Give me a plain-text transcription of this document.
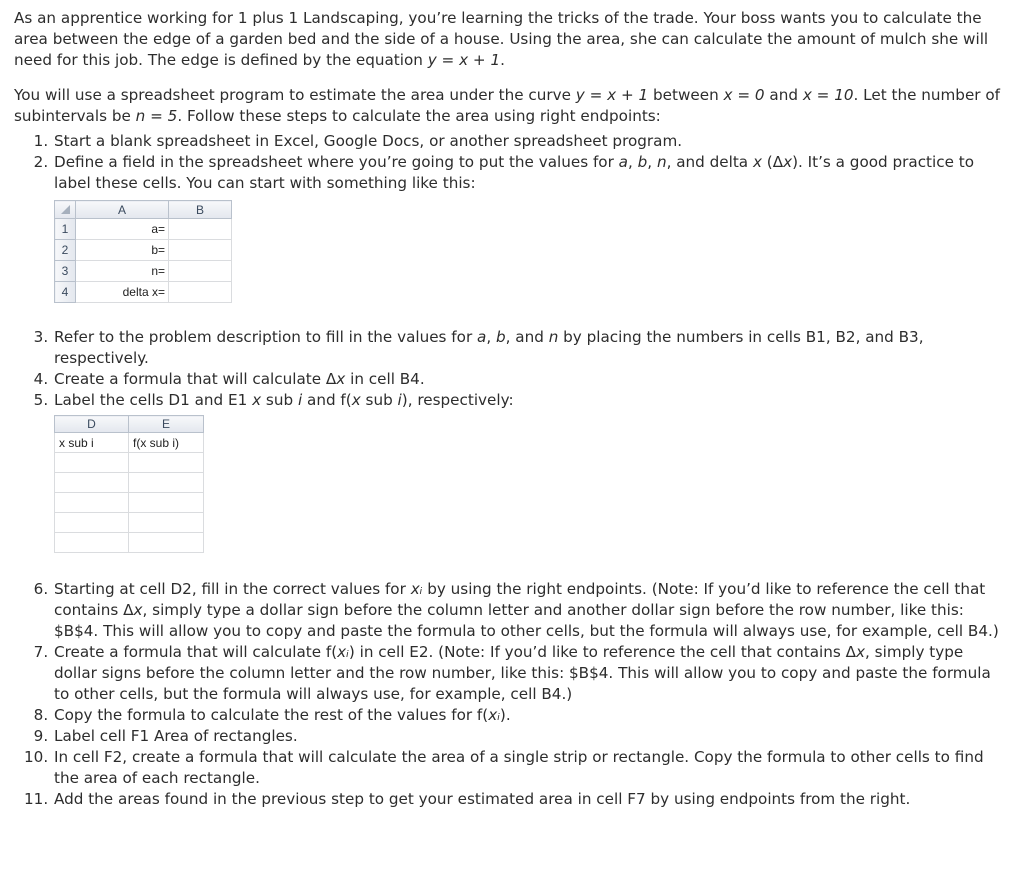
As an apprentice working for 1 plus 1 Landscaping, you’re learning the tricks of the trade. Your boss wants you to calculate the area between the edge of a garden bed and the side of a house. Using the area, she can calculate the amount of mulch she will need for this job. The edge is defined by the equation y = x + 1.

You will use a spreadsheet program to estimate the area under the curve y = x + 1 between x = 0 and x = 10. Let the number of subintervals be n = 5. Follow these steps to calculate the area using right endpoints:

1. Start a blank spreadsheet in Excel, Google Docs, or another spreadsheet program.
2. Define a field in the spreadsheet where you’re going to put the values for a, b, n, and delta x (Δx). It’s a good practice to label these cells. You can start with something like this:
	A	B
1	a=	
2	b=	
3	n=	
4	delta x=	
3. Refer to the problem description to fill in the values for a, b, and n by placing the numbers in cells B1, B2, and B3, respectively.
4. Create a formula that will calculate Δx in cell B4.
5. Label the cells D1 and E1 x sub i and f(x sub i), respectively:
D	E
x sub i	f(x sub i)

6. Starting at cell D2, fill in the correct values for xᵢ by using the right endpoints. (Note: If you’d like to reference the cell that contains Δx, simply type a dollar sign before the column letter and another dollar sign before the row number, like this: $B$4. This will allow you to copy and paste the formula to other cells, but the formula will always use, for example, cell B4.)
7. Create a formula that will calculate f(xᵢ) in cell E2. (Note: If you’d like to reference the cell that contains Δx, simply type dollar signs before the column letter and the row number, like this: $B$4. This will allow you to copy and paste the formula to other cells, but the formula will always use, for example, cell B4.)
8. Copy the formula to calculate the rest of the values for f(xᵢ).
9. Label cell F1 Area of rectangles.
10. In cell F2, create a formula that will calculate the area of a single strip or rectangle. Copy the formula to other cells to find the area of each rectangle.
11. Add the areas found in the previous step to get your estimated area in cell F7 by using endpoints from the right.
